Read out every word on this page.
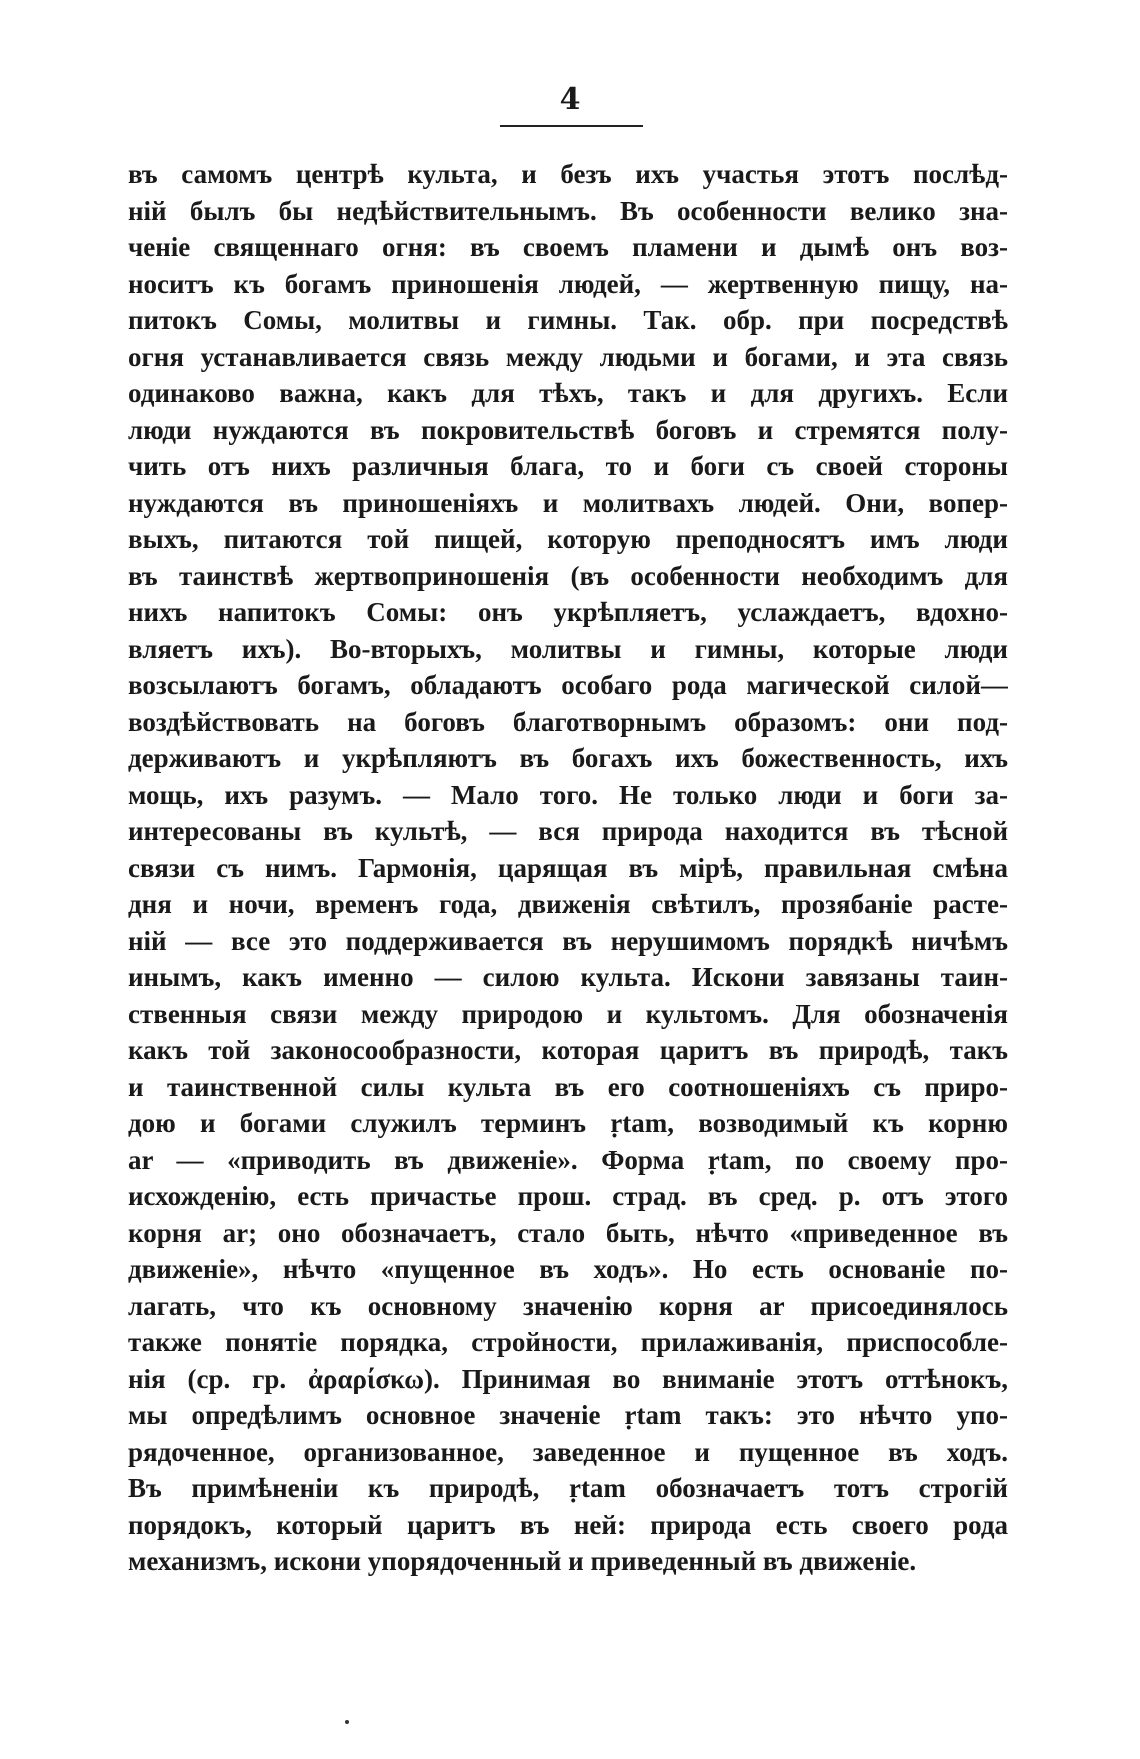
4
въ самомъ центрѣ культа, и безъ ихъ участья этотъ послѣд-
нiй былъ бы недѣйствительнымъ. Въ особенности велико зна-
ченiе священнаго огня: въ своемъ пламени и дымѣ онъ воз-
носитъ къ богамъ приношенiя людей, — жертвенную пищу, на-
питокъ Сомы, молитвы и гимны. Так. обр. при посредствѣ
огня устанавливается связь между людьми и богами, и эта связь
одинаково важна, какъ для тѣхъ, такъ и для другихъ. Если
люди нуждаются въ покровительствѣ боговъ и стремятся полу-
чить отъ нихъ различныя блага, то и боги съ своей стороны
нуждаются въ приношенiяхъ и молитвахъ людей. Они, вопер-
выхъ, питаются той пищей, которую преподносятъ имъ люди
въ таинствѣ жертвоприношенiя (въ особенности необходимъ для
нихъ напитокъ Сомы: онъ укрѣпляетъ, услаждаетъ, вдохно-
вляетъ ихъ). Во-вторыхъ, молитвы и гимны, которые люди
возсылаютъ богамъ, обладаютъ особаго рода магической силой—
воздѣйствовать на боговъ благотворнымъ образомъ: они под-
держиваютъ и укрѣпляютъ въ богахъ ихъ божественность, ихъ
мощь, ихъ разумъ. — Мало того. Не только люди и боги за-
интересованы въ культѣ, — вся природа находится въ тѣсной
связи съ нимъ. Гармонiя, царящая въ мiрѣ, правильная смѣна
дня и ночи, временъ года, движенiя свѣтилъ, прозябанiе расте-
нiй — все это поддерживается въ нерушимомъ порядкѣ ничѣмъ
инымъ, какъ именно — силою культа. Искони завязаны таин-
ственныя связи между природою и культомъ. Для обозначенiя
какъ той законосообразности, которая царитъ въ природѣ, такъ
и таинственной силы культа въ его соотношенiяхъ съ приро-
дою и богами служилъ терминъ ṛtam, возводимый къ корню
ar — «приводить въ движенiе». Форма ṛtam, по своему про-
исхожденiю, есть причастье прош. страд. въ сред. р. отъ этого
корня ar; оно обозначаетъ, стало быть, нѣчто «приведенное въ
движенiе», нѣчто «пущенное въ ходъ». Но есть основанiе по-
лагать, что къ основному значенiю корня ar присоединялось
также понятiе порядка, стройности, прилаживанiя, приспособле-
нiя (ср. гр. ἀραρίσκω). Принимая во вниманiе этотъ оттѣнокъ,
мы опредѣлимъ основное значенiе ṛtam такъ: это нѣчто упо-
рядоченное, организованное, заведенное и пущенное въ ходъ.
Въ примѣненiи къ природѣ, ṛtam обозначаетъ тотъ строгiй
порядокъ, который царитъ въ ней: природа есть своего рода
механизмъ, искони упорядоченный и приведенный въ движенiе.
